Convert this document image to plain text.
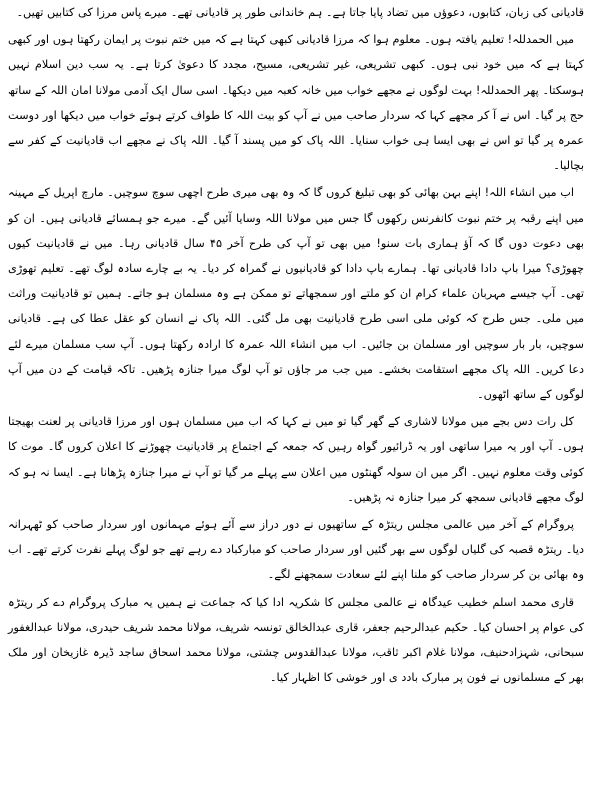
قادیانی کی زبان، کتابوں، دعوؤں میں تضاد پایا جاتا ہے۔ ہم خاندانی طور پر قادیانی تھے۔ میرے پاس مرزا کی کتابیں تھیں۔

میں الحمدللہ! تعلیم یافتہ ہوں۔ معلوم ہوا کہ مرزا قادیانی کبھی کہتا ہے کہ میں ختم نبوت پر ایمان رکھتا ہوں اور کبھی کہتا ہے کہ میں خود نبی ہوں۔ کبھی تشریعی، غیر تشریعی، مسیح، مجدد کا دعویٰ کرتا ہے۔ یہ سب دین اسلام نہیں ہوسکتا۔ پھر الحمدللہ! بہت لوگوں نے مجھے خواب میں خانہ کعبہ میں دیکھا۔ اسی سال ایک آدمی مولانا امان اللہ کے ساتھ حج پر گیا۔ اس نے آ کر مجھے کہا کہ سردار صاحب میں نے آپ کو بیت اللہ کا طواف کرتے ہوئے خواب میں دیکھا اور دوست عمرہ پر گیا تو اس نے بھی ایسا ہی خواب سنایا۔ اللہ پاک کو میں پسند آ گیا۔ اللہ پاک نے مجھے اب قادیانیت کے کفر سے بچالیا۔

اب میں انشاء اللہ! اپنے بہن بھائی کو بھی تبلیغ کروں گا کہ وہ بھی میری طرح اچھی سوچ سوچیں۔ مارچ اپریل کے مہینہ میں اپنے رقبہ پر ختم نبوت کانفرنس رکھوں گا جس میں مولانا اللہ وسایا آئیں گے۔ میرے جو ہمسائے قادیانی ہیں۔ ان کو بھی دعوت دوں گا کہ آؤ ہماری بات سنو! میں بھی تو آپ کی طرح آخر ۴۵ سال قادیانی رہا۔ میں نے قادیانیت کیوں چھوڑی؟ میرا باپ دادا قادیانی تھا۔ ہمارے باپ دادا کو قادیانیوں نے گمراہ کر دیا۔ یہ بے چارے سادہ لوگ تھے۔ تعلیم تھوڑی تھی۔ آپ جیسے مہربان علماء کرام ان کو ملتے اور سمجھاتے تو ممکن ہے وہ مسلمان ہو جاتے۔ ہمیں تو قادیانیت وراثت میں ملی۔ جس طرح کہ کوئی ملی اسی طرح قادیانیت بھی مل گئی۔ اللہ پاک نے انسان کو عقل عطا کی ہے۔ قادیانی سوچیں، بار بار سوچیں اور مسلمان بن جائیں۔ اب میں انشاء اللہ عمرہ کا ارادہ رکھتا ہوں۔ آپ سب مسلمان میرے لئے دعا کریں۔ اللہ پاک مجھے استقامت بخشے۔ میں جب مر جاؤں تو آپ لوگ میرا جنازہ پڑھیں۔ تاکہ قیامت کے دن میں آپ لوگوں کے ساتھ اٹھوں۔

کل رات دس بجے میں مولانا لاشاری کے گھر گیا تو میں نے کہا کہ اب میں مسلمان ہوں اور مرزا قادیانی پر لعنت بھیجتا ہوں۔ آپ اور یہ میرا ساتھی اور یہ ڈرائیور گواہ رہیں کہ جمعہ کے اجتماع پر قادیانیت چھوڑنے کا اعلان کروں گا۔ موت کا کوئی وقت معلوم نہیں۔ اگر میں ان سولہ گھنٹوں میں اعلان سے پہلے مر گیا تو آپ نے میرا جنازہ پڑھانا ہے۔ ایسا نہ ہو کہ لوگ مجھے قادیانی سمجھ کر میرا جنازہ نہ پڑھیں۔

پروگرام کے آخر میں عالمی مجلس ریتڑہ کے ساتھیوں نے دور دراز سے آئے ہوئے مہمانوں اور سردار صاحب کو ٹھہرانہ دیا۔ ریتڑہ قصبہ کی گلیاں لوگوں سے بھر گئیں اور سردار صاحب کو مبارکباد دے رہے تھے جو لوگ پہلے نفرت کرتے تھے۔ اب وہ بھائی بن کر سردار صاحب کو ملنا اپنے لئے سعادت سمجھنے لگے۔

قاری محمد اسلم خطیب عیدگاہ نے عالمی مجلس کا شکریہ ادا کیا کہ جماعت نے ہمیں یہ مبارک پروگرام دے کر ریتڑہ کی عوام پر احسان کیا۔ حکیم عبدالرحیم جعفر، قاری عبدالخالق تونسہ شریف، مولانا محمد شریف حیدری، مولانا عبدالغفور سبحانی، شہزادحنیف، مولانا غلام اکبر ثاقب، مولانا عبدالقدوس چشتی، مولانا محمد اسحاق ساجد ڈیرہ غازیخان اور ملک بھر کے مسلمانوں نے فون پر مبارک بادد ی اور خوشی کا اظہار کیا۔
